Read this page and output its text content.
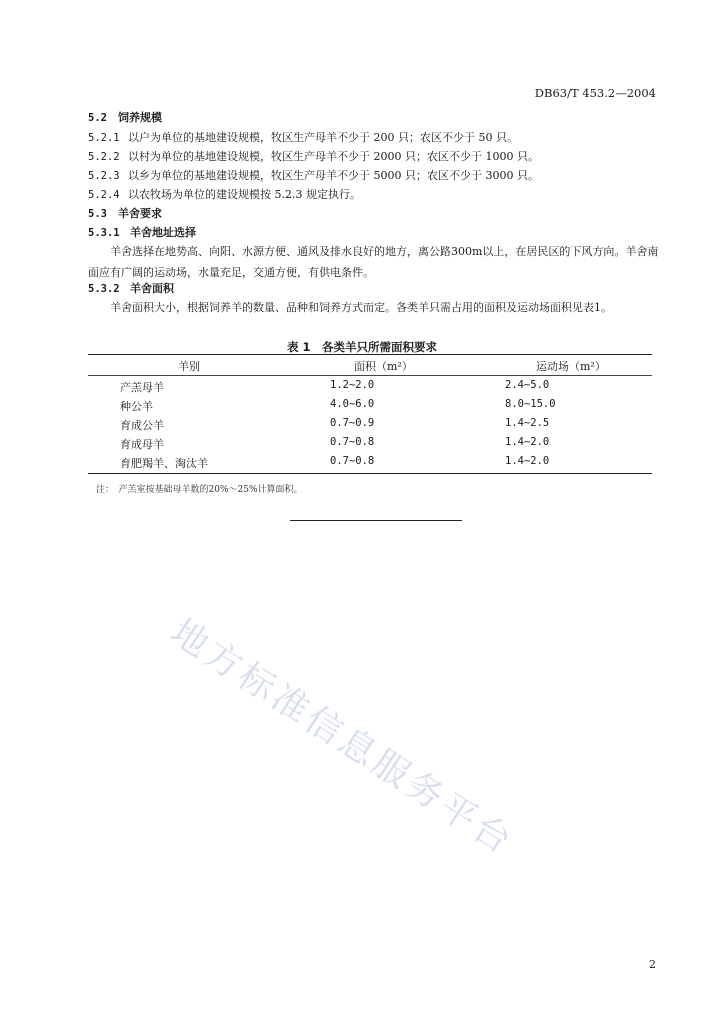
DB63/T 453.2—2004
5.2 饲养规模
5.2.1 以户为单位的基地建设规模，牧区生产母羊不少于 200 只；农区不少于 50 只。
5.2.2 以村为单位的基地建设规模，牧区生产母羊不少于 2000 只；农区不少于 1000 只。
5.2.3 以乡为单位的基地建设规模，牧区生产母羊不少于 5000 只；农区不少于 3000 只。
5.2.4 以农牧场为单位的建设规模按 5.2.3 规定执行。
5.3 羊舍要求
5.3.1 羊舍地址选择
羊舍选择在地势高、向阳、水源方便、通风及排水良好的地方，离公路300m以上，在居民区的下风方向。羊舍南面应有广阔的运动场，水量充足，交通方便，有供电条件。
5.3.2 羊舍面积
羊舍面积大小，根据饲养羊的数量、品种和饲养方式而定。各类羊只需占用的面积及运动场面积见表1。
表 1　各类羊只所需面积要求
羊别	面积（m²）	运动场（m²）
产羔母羊	1.2~2.0	2.4~5.0
种公羊	4.0~6.0	8.0~15.0
育成公羊	0.7~0.9	1.4~2.5
育成母羊	0.7~0.8	1.4~2.0
育肥羯羊、淘汰羊	0.7~0.8	1.4~2.0
注：　产羔室按基础母羊数的20%～25%计算面积。
地方标准信息服务平台
2
